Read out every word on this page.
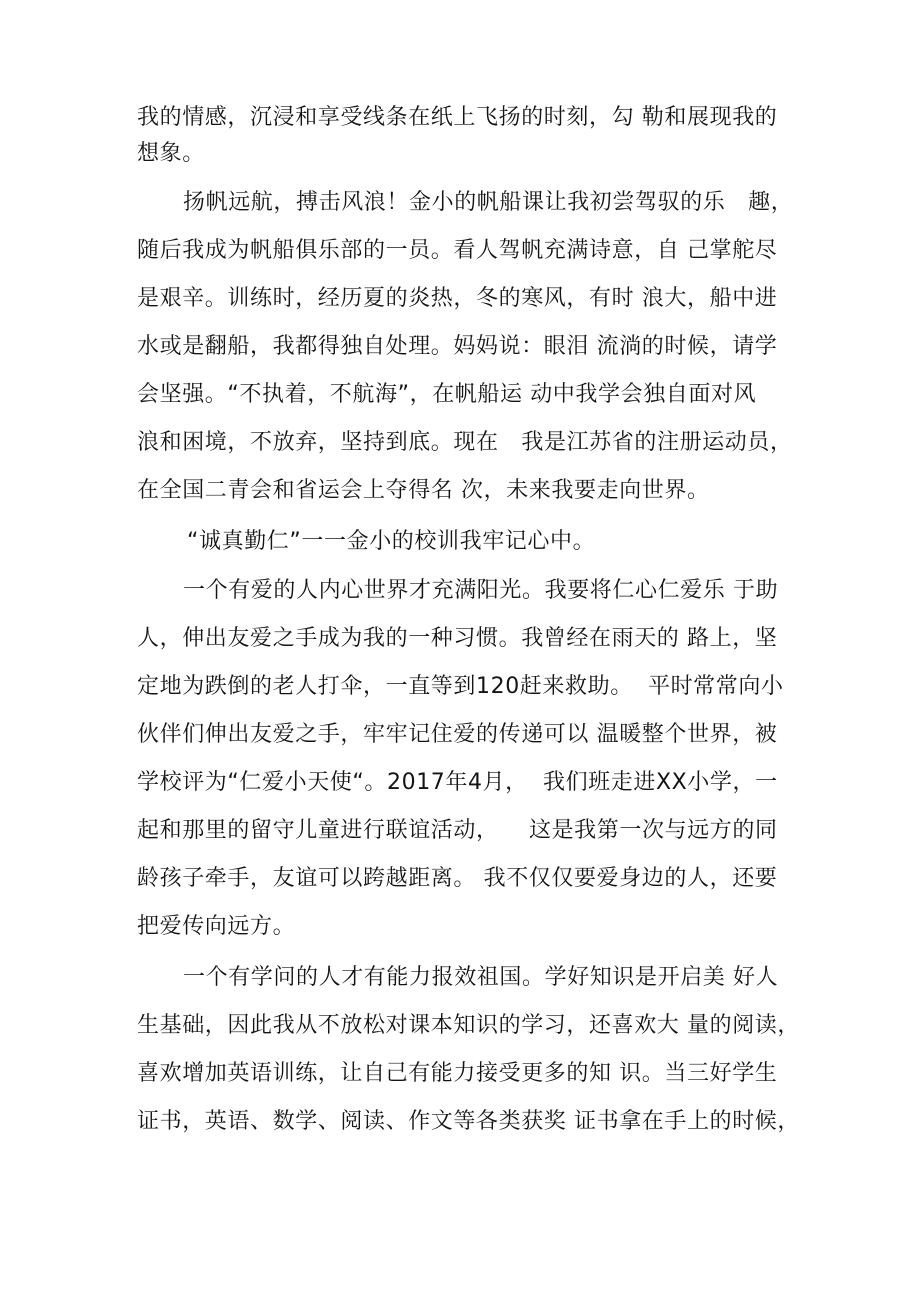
我的情感，沉浸和享受线条在纸上飞扬的时刻，勾 勒和展现我的
想象。
扬帆远航，搏击风浪！金小的帆船课让我初尝驾驭的乐   趣，
随后我成为帆船俱乐部的一员。看人驾帆充满诗意，自 己掌舵尽
是艰辛。训练时，经历夏的炎热，冬的寒风，有时 浪大，船中进
水或是翻船，我都得独自处理。妈妈说：眼泪 流淌的时候，请学
会坚强。“不执着，不航海”，在帆船运 动中我学会独自面对风
浪和困境，不放弃，坚持到底。现在   我是江苏省的注册运动员，
在全国二青会和省运会上夺得名 次，未来我要走向世界。
“诚真勤仁”一一金小的校训我牢记心中。
一个有爱的人内心世界才充满阳光。我要将仁心仁爱乐 于助
人，伸出友爱之手成为我的一种习惯。我曾经在雨天的 路上，坚
定地为跌倒的老人打伞，一直等到120赶来救助。  平时常常向小
伙伴们伸出友爱之手，牢牢记住爱的传递可以 温暖整个世界，被
学校评为“仁爱小天使“。2017年4月，  我们班走进XX小学，一
起和那里的留守儿童进行联谊活动，    这是我第一次与远方的同
龄孩子牵手，友谊可以跨越距离。 我不仅仅要爱身边的人，还要
把爱传向远方。
一个有学问的人才有能力报效祖国。学好知识是开启美 好人
生基础，因此我从不放松对课本知识的学习，还喜欢大 量的阅读，
喜欢增加英语训练，让自己有能力接受更多的知 识。当三好学生
证书，英语、数学、阅读、作文等各类获奖 证书拿在手上的时候，
